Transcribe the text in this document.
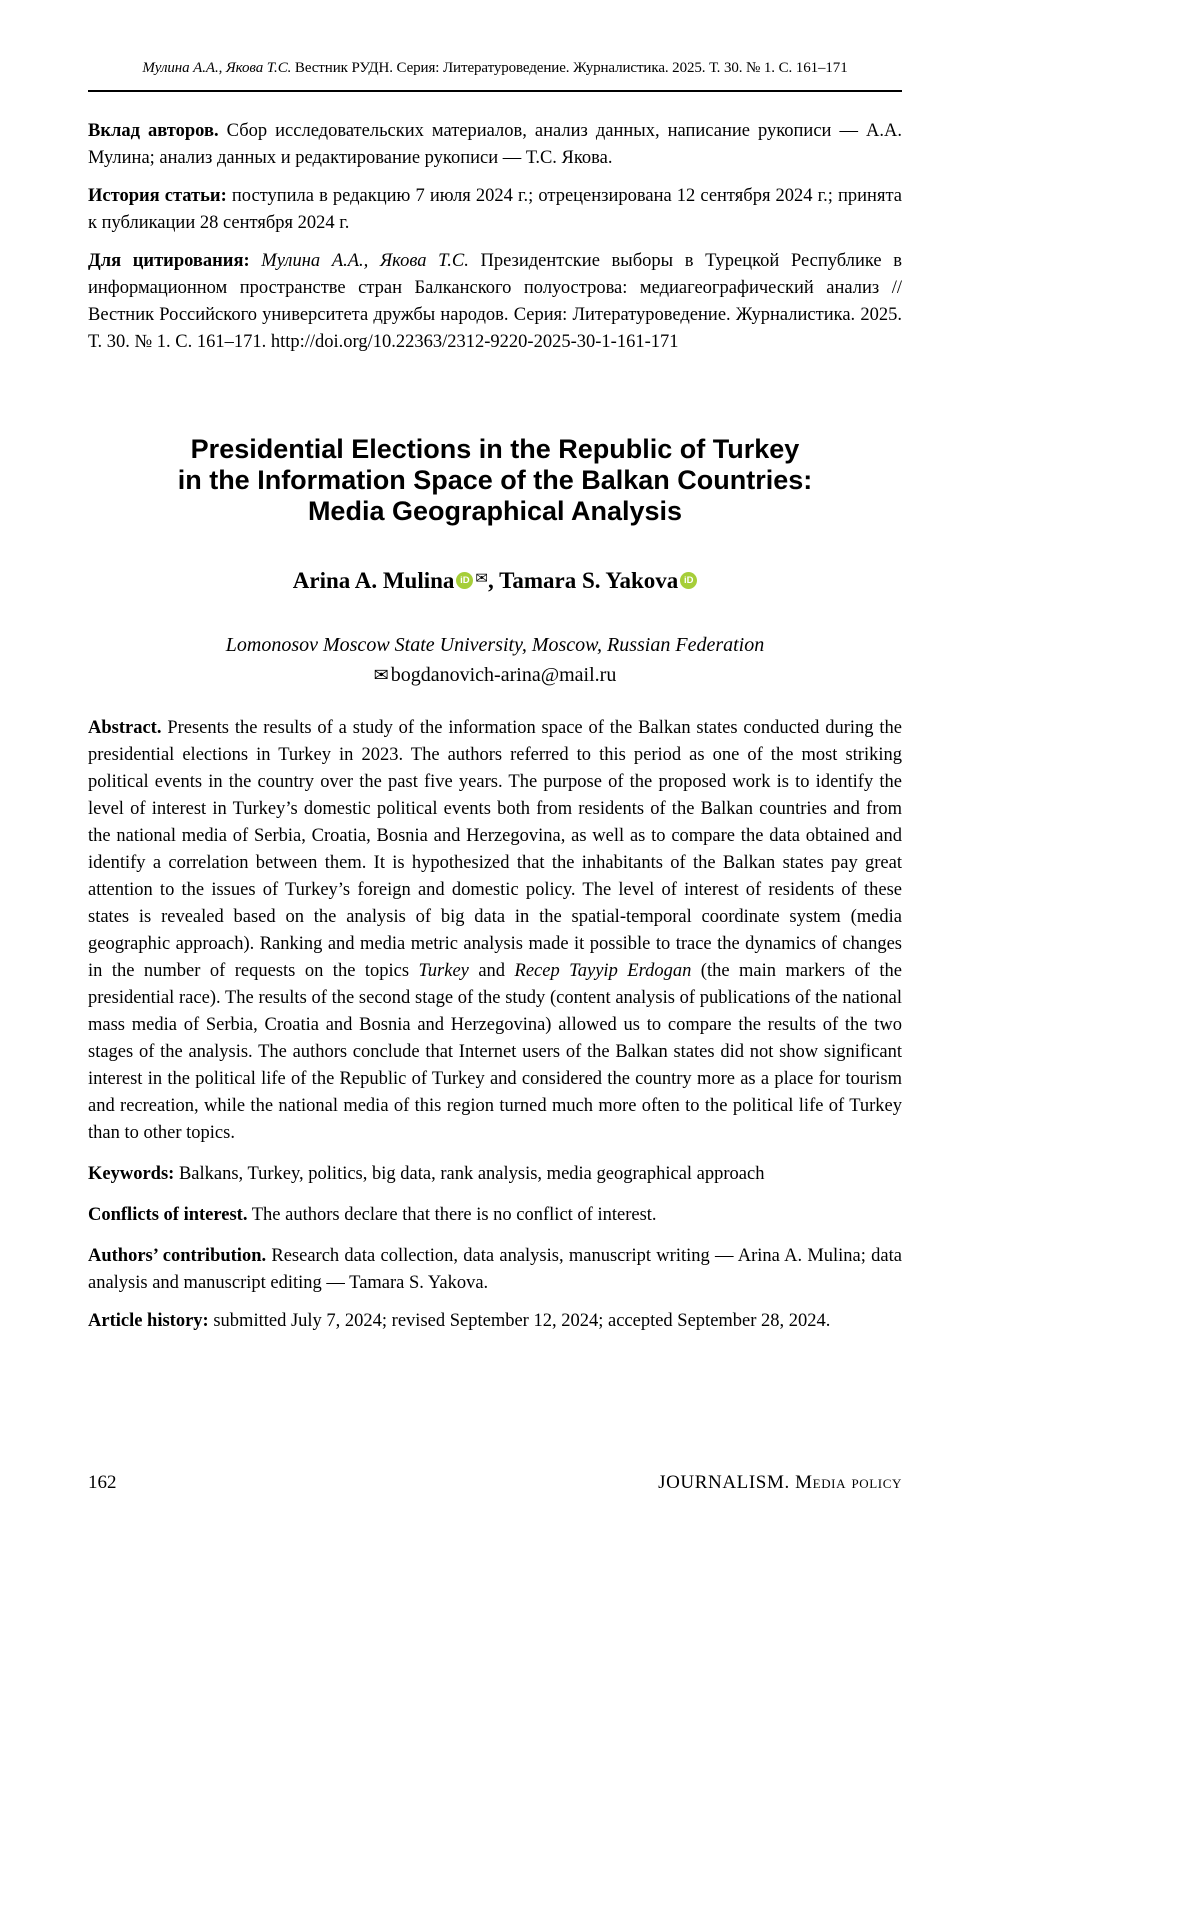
Мулина А.А., Якова Т.С. Вестник РУДН. Серия: Литературоведение. Журналистика. 2025. Т. 30. № 1. С. 161–171

Вклад авторов. Сбор исследовательских материалов, анализ данных, написание рукописи — А.А. Мулина; анализ данных и редактирование рукописи — Т.С. Якова.

История статьи: поступила в редакцию 7 июля 2024 г.; отрецензирована 12 сентября 2024 г.; принята к публикации 28 сентября 2024 г.

Для цитирования: Мулина А.А., Якова Т.С. Президентские выборы в Турецкой Республике в информационном пространстве стран Балканского полуострова: медиагеографический анализ // Вестник Российского университета дружбы народов. Серия: Литературоведение. Журналистика. 2025. Т. 30. № 1. С. 161–171. http://doi.org/10.22363/2312-9220-2025-30-1-161-171

Presidential Elections in the Republic of Turkey
in the Information Space of the Balkan Countries:
Media Geographical Analysis
Arina A. Mulina iD ✉, Tamara S. Yakova iD
Lomonosov Moscow State University, Moscow, Russian Federation
✉ bogdanovich-arina@mail.ru

Abstract. Presents the results of a study of the information space of the Balkan states conducted during the presidential elections in Turkey in 2023. The authors referred to this period as one of the most striking political events in the country over the past five years. The purpose of the proposed work is to identify the level of interest in Turkey’s domestic political events both from residents of the Balkan countries and from the national media of Serbia, Croatia, Bosnia and Herzegovina, as well as to compare the data obtained and identify a correlation between them. It is hypothesized that the inhabitants of the Balkan states pay great attention to the issues of Turkey’s foreign and domestic policy. The level of interest of residents of these states is revealed based on the analysis of big data in the spatial-temporal coordinate system (media geographic approach). Ranking and media metric analysis made it possible to trace the dynamics of changes in the number of requests on the topics Turkey and Recep Tayyip Erdogan (the main markers of the presidential race). The results of the second stage of the study (content analysis of publications of the national mass media of Serbia, Croatia and Bosnia and Herzegovina) allowed us to compare the results of the two stages of the analysis. The authors conclude that Internet users of the Balkan states did not show significant interest in the political life of the Republic of Turkey and considered the country more as a place for tourism and recreation, while the national media of this region turned much more often to the political life of Turkey than to other topics.

Keywords: Balkans, Turkey, politics, big data, rank analysis, media geographical approach

Conflicts of interest. The authors declare that there is no conflict of interest.

Authors’ contribution. Research data collection, data analysis, manuscript writing — Arina A. Mulina; data analysis and manuscript editing — Tamara S. Yakova.

Article history: submitted July 7, 2024; revised September 12, 2024; accepted September 28, 2024.

162	JOURNALISM. Media policy
